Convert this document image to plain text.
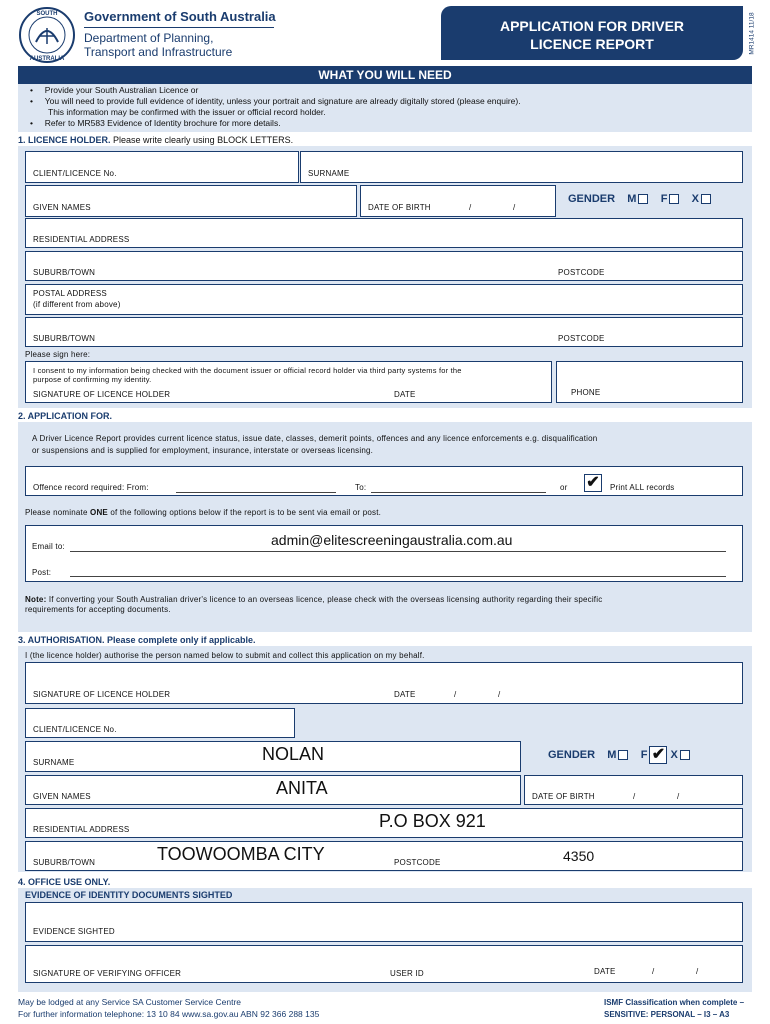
SOUTH
AUSTRALIA
Government of South Australia
Department of Planning,
Transport and Infrastructure
APPLICATION FOR DRIVER
LICENCE REPORT	MR1414 11/18
WHAT YOU WILL NEED
•     Provide your South Australian Licence or
•     You will need to provide full evidence of identity, unless your portrait and signature are already digitally stored (please enquire).
This information may be confirmed with the issuer or official record holder.
•     Refer to MR583 Evidence of Identity brochure for more details.
1. LICENCE HOLDER. Please write clearly using BLOCK LETTERS.
CLIENT/LICENCE No.	SURNAME
GIVEN NAMES	DATE OF BIRTH	/	/
GENDER M F X
RESIDENTIAL ADDRESS
SUBURB/TOWN	POSTCODE
POSTAL ADDRESS
(if different from above)
SUBURB/TOWN	POSTCODE
Please sign here:
I consent to my information being checked with the document issuer or official record holder via third party systems for the
purpose of confirming my identity.
SIGNATURE OF LICENCE HOLDER	DATE	PHONE
2. APPLICATION FOR.
A Driver Licence Report provides current licence status, issue date, classes, demerit points, offences and any licence enforcements e.g. disqualification
or suspensions and is supplied for employment, insurance, interstate or overseas licensing.
Offence record required: From:	To:	or ✔ Print ALL records
Please nominate ONE of the following options below if the report is to be sent via email or post.
Email to:	admin@elitescreeningaustralia.com.au
Post:
Note: If converting your South Australian driver's licence to an overseas licence, please check with the overseas licensing authority regarding their specific
requirements for accepting documents.
3. AUTHORISATION. Please complete only if applicable.
I (the licence holder) authorise the person named below to submit and collect this application on my behalf.
SIGNATURE OF LICENCE HOLDER	DATE	/	/
CLIENT/LICENCE No.
SURNAME	NOLAN	GENDER M F ✔ X
GIVEN NAMES	ANITA	DATE OF BIRTH	/	/
RESIDENTIAL ADDRESS	P.O BOX 921
SUBURB/TOWN	TOOWOOMBA CITY	POSTCODE	4350
4. OFFICE USE ONLY.
EVIDENCE OF IDENTITY DOCUMENTS SIGHTED
EVIDENCE SIGHTED
SIGNATURE OF VERIFYING OFFICER	USER ID	DATE	/	/
May be lodged at any Service SA Customer Service Centre
For further information telephone: 13 10 84 www.sa.gov.au ABN 92 366 288 135
ISMF Classification when complete –
SENSITIVE: PERSONAL – I3 – A3
